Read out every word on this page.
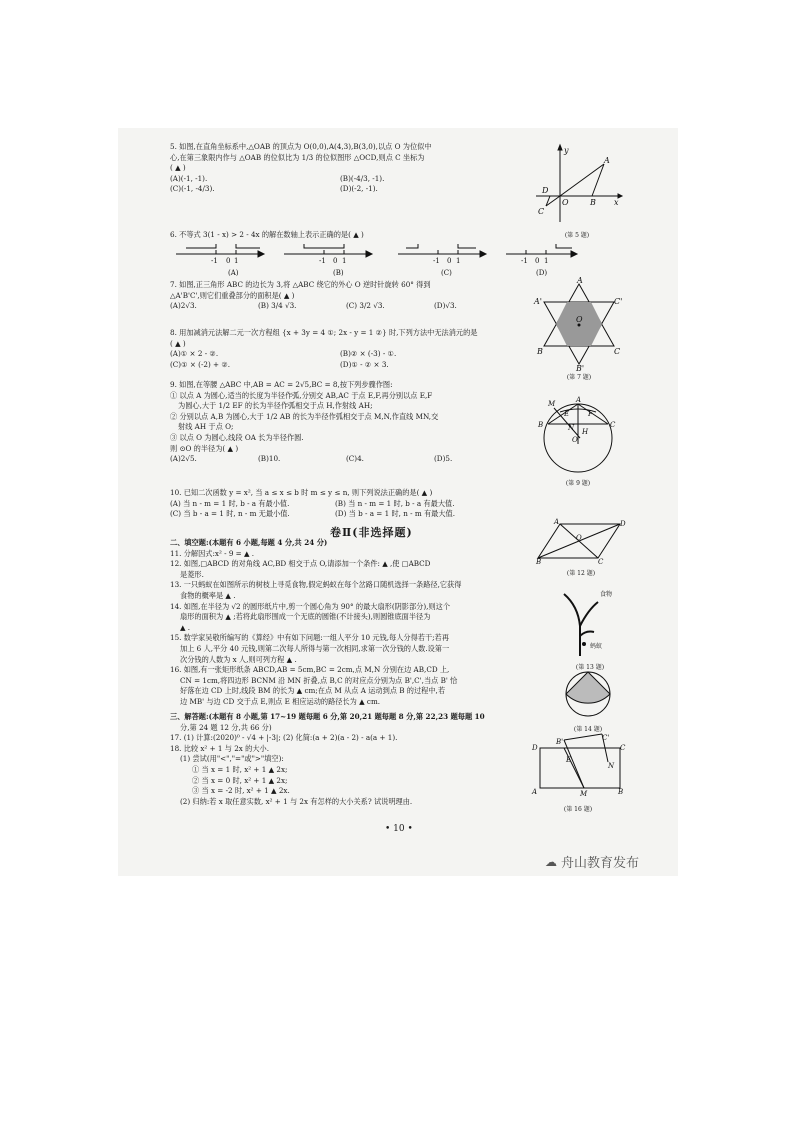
5. 如图,在直角坐标系中,△OAB 的顶点为 O(0,0),A(4,3),B(3,0),以点 O 为位似中

心,在第三象限内作与 △OAB 的位似比为 1/3 的位似图形 △OCD,则点 C 坐标为

( ▲ )

(A)(-1, -1).	(B)(-4/3, -1).
(C)(-1, -4/3).	(D)(-2, -1).

6. 不等式 3(1 - x) > 2 - 4x 的解在数轴上表示正确的是( ▲ )

7. 如图,正三角形 ABC 的边长为 3,将 △ABC 绕它的外心 O 逆时针旋转 60° 得到

△A'B'C',则它们重叠部分的面积是( ▲ )

(A)2√3.	(B) 3/4 √3.	(C) 3/2 √3.	(D)√3.

8. 用加减消元法解二元一次方程组 {x + 3y = 4 ①; 2x - y = 1 ②} 时,下列方法中无法消元的是

( ▲ )

(A)① × 2 - ②.	(B)② × (-3) - ①.
(C)① × (-2) + ②.	(D)① - ② × 3.

9. 如图,在等腰 △ABC 中,AB = AC = 2√5,BC = 8,按下列步骤作图:

① 以点 A 为圆心,适当的长度为半径作弧,分别交 AB,AC 于点 E,F,再分别以点 E,F

为圆心,大于 1/2 EF 的长为半径作弧相交于点 H,作射线 AH;

② 分别以点 A,B 为圆心,大于 1/2 AB 的长为半径作弧相交于点 M,N,作直线 MN,交

射线 AH 于点 O;

③ 以点 O 为圆心,线段 OA 长为半径作圆.

则 ⊙O 的半径为( ▲ )

(A)2√5.	(B)10.	(C)4.	(D)5.

10. 已知二次函数 y = x², 当 a ≤ x ≤ b 时 m ≤ y ≤ n, 则下列说法正确的是( ▲ )

(A) 当 n - m = 1 时, b - a 有最小值.	(B) 当 n - m = 1 时, b - a 有最大值.
(C) 当 b - a = 1 时, n - m 无最小值.	(D) 当 b - a = 1 时, n - m 有最大值.

二、填空题:(本题有 6 小题,每题 4 分,共 24 分)

11. 分解因式:x² - 9 = ▲ .

12. 如图,□ABCD 的对角线 AC,BD 相交于点 O,请添加一个条件: ▲ ,使 □ABCD

是菱形.

13. 一只蚂蚁在如图所示的树枝上寻觅食物,假定蚂蚁在每个岔路口随机选择一条路径,它获得

食物的概率是 ▲ .

14. 如图,在半径为 √2 的圆形纸片中,剪一个圆心角为 90° 的最大扇形(阴影部分),则这个

扇形的面积为 ▲ ;若将此扇形围成一个无底的圆锥(不计接头),则圆锥底面半径为

▲ .

15. 数学家吴敬所编写的《算经》中有如下问题:一组人平分 10 元钱,每人分得若干;若再

加上 6 人,平分 40 元钱,则第二次每人所得与第一次相同,求第一次分钱的人数.设第一

次分钱的人数为 x 人,则可列方程 ▲ .

16. 如图,有一张矩形纸条 ABCD,AB = 5cm,BC = 2cm,点 M,N 分别在边 AB,CD 上,

CN = 1cm,将四边形 BCNM 沿 MN 折叠,点 B,C 的对应点分别为点 B',C',当点 B' 恰

好落在边 CD 上时,线段 BM 的长为 ▲ cm;在点 M 从点 A 运动到点 B 的过程中,若

边 MB' 与边 CD 交于点 E,则点 E 相应运动的路径长为 ▲ cm.

三、解答题:(本题有 8 小题,第 17~19 题每题 6 分,第 20,21 题每题 8 分,第 22,23 题每题 10

分,第 24 题 12 分,共 66 分)

17. (1) 计算:(2020)⁰ - √4 + |-3|; (2) 化简:(a + 2)(a - 2) - a(a + 1).

18. 比较 x² + 1 与 2x 的大小.

(1) 尝试(用"<","="或">"填空):

① 当 x = 1 时, x² + 1 ▲ 2x;

② 当 x = 0 时, x² + 1 ▲ 2x;

③ 当 x = -2 时, x² + 1 ▲ 2x.

(2) 归纳:若 x 取任意实数, x² + 1 与 2x 有怎样的大小关系? 试说明理由.

-1 0 1	-1 0 1	-1 0 1	-1 0 1
(A)	(B)	(C)	(D)
卷Ⅱ(非选择题)
y
A
D
O	B
C
x
(第 5 题)
A
A'	C'
O
B	C
B'
(第 7 题)
A
M
E	F
N H
O
B	C
(第 9 题)
A	D
O
B	C
(第 12 题)
食物
蚂蚁
(第 13 题)
(第 14 题)
D
B'	C'
C
E
N
A	M	B
(第 16 题)
• 10 •
☁ 舟山教育发布
